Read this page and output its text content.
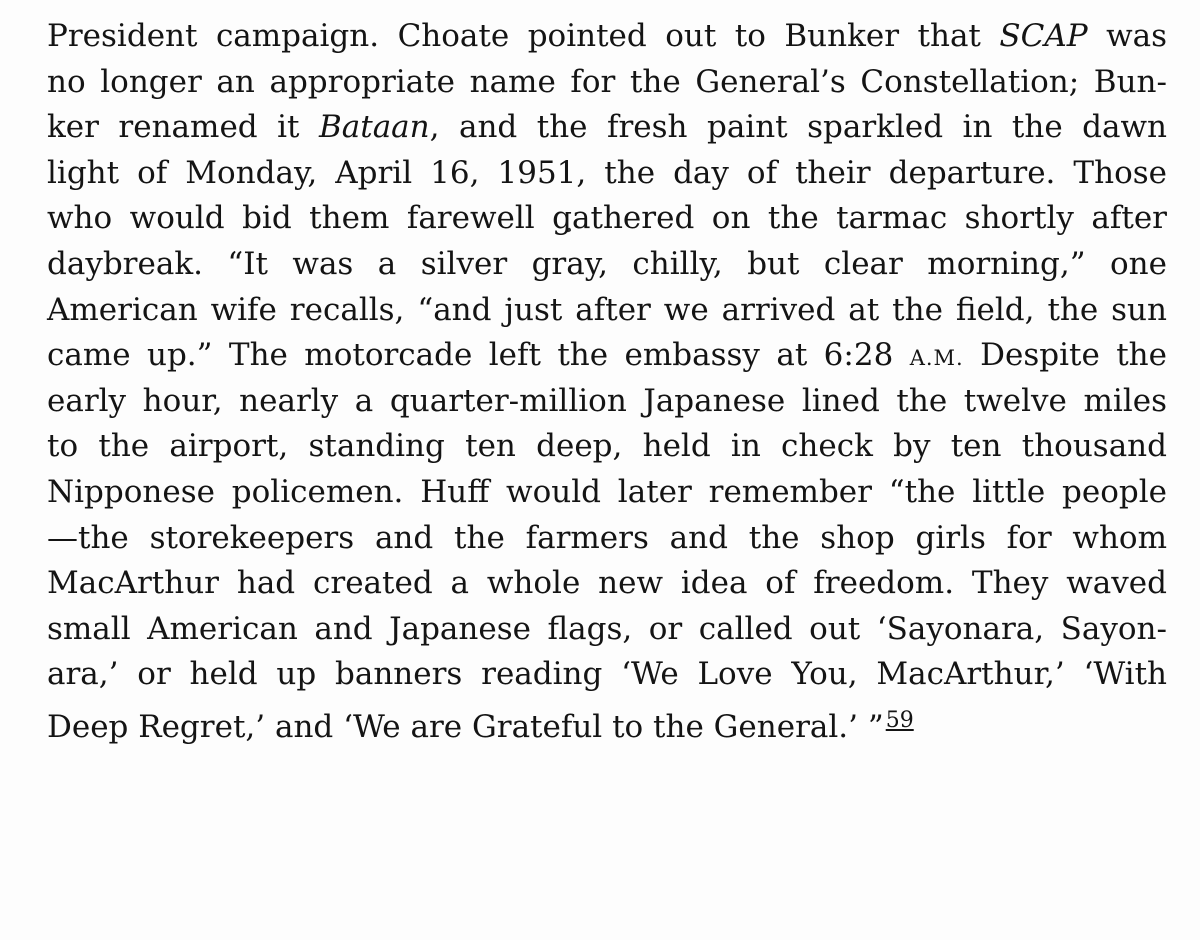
President campaign. Choate pointed out to Bunker that SCAP was
no longer an appropriate name for the General’s Constellation; Bun-
ker renamed it Bataan, and the fresh paint sparkled in the dawn
light of Monday, April 16, 1951, the day of their departure. Those
who would bid them farewell gathered on the tarmac shortly after
daybreak. “It was a silver gray, chilly, but clear morning,” one
American wife recalls, “and just after we arrived at the field, the sun
came up.” The motorcade left the embassy at 6:28 A.M. Despite the
early hour, nearly a quarter-million Japanese lined the twelve miles
to the airport, standing ten deep, held in check by ten thousand
Nipponese policemen. Huff would later remember “the little people
—the storekeepers and the farmers and the shop girls for whom
MacArthur had created a whole new idea of freedom. They waved
small American and Japanese flags, or called out ‘Sayonara, Sayon-
ara,’ or held up banners reading ‘We Love You, MacArthur,’ ‘With
Deep Regret,’ and ‘We are Grateful to the General.’ ”$^{59}$
